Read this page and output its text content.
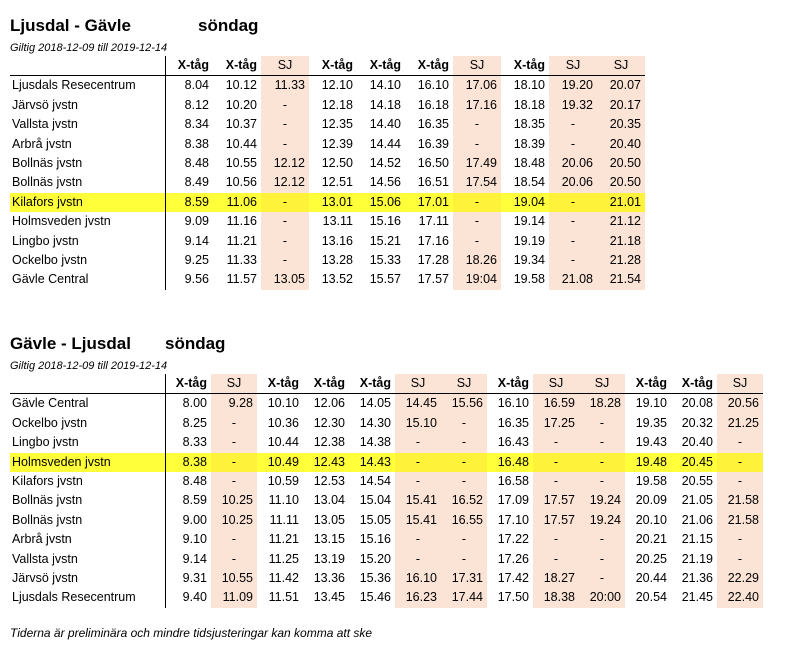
Ljusdal - Gävle	söndag
Giltig 2018-12-09 till 2019-12-14
	X-tåg	X-tåg	SJ	X-tåg	X-tåg	X-tåg	SJ	X-tåg	SJ	SJ
Ljusdals Resecentrum	8.04	10.12	11.33	12.10	14.10	16.10	17.06	18.10	19.20	20.07
Järvsö jvstn	8.12	10.20	-	12.18	14.18	16.18	17.16	18.18	19.32	20.17
Vallsta jvstn	8.34	10.37	-	12.35	14.40	16.35	-	18.35	-	20.35
Arbrå jvstn	8.38	10.44	-	12.39	14.44	16.39	-	18.39	-	20.40
Bollnäs jvstn	8.48	10.55	12.12	12.50	14.52	16.50	17.49	18.48	20.06	20.50
Bollnäs jvstn	8.49	10.56	12.12	12.51	14.56	16.51	17.54	18.54	20.06	20.50
Kilafors jvstn	8.59	11.06	-	13.01	15.06	17.01	-	19.04	-	21.01
Holmsveden jvstn	9.09	11.16	-	13.11	15.16	17.11	-	19.14	-	21.12
Lingbo jvstn	9.14	11.21	-	13.16	15.21	17.16	-	19.19	-	21.18
Ockelbo jvstn	9.25	11.33	-	13.28	15.33	17.28	18.26	19.34	-	21.28
Gävle Central	9.56	11.57	13.05	13.52	15.57	17.57	19:04	19.58	21.08	21.54
Gävle - Ljusdal söndag
Giltig 2018-12-09 till 2019-12-14
	X-tåg	SJ	X-tåg	X-tåg	X-tåg	SJ	SJ	X-tåg	SJ	SJ	X-tåg	X-tåg	SJ
Gävle Central	8.00	9.28	10.10	12.06	14.05	14.45	15.56	16.10	16.59	18.28	19.10	20.08	20.56
Ockelbo jvstn	8.25	-	10.36	12.30	14.30	15.10	-	16.35	17.25	-	19.35	20.32	21.25
Lingbo jvstn	8.33	-	10.44	12.38	14.38	-	-	16.43	-	-	19.43	20.40	-
Holmsveden jvstn	8.38	-	10.49	12.43	14.43	-	-	16.48	-	-	19.48	20.45	-
Kilafors jvstn	8.48	-	10.59	12.53	14.54	-	-	16.58	-	-	19.58	20.55	-
Bollnäs jvstn	8.59	10.25	11.10	13.04	15.04	15.41	16.52	17.09	17.57	19.24	20.09	21.05	21.58
Bollnäs jvstn	9.00	10.25	11.11	13.05	15.05	15.41	16.55	17.10	17.57	19.24	20.10	21.06	21.58
Arbrå jvstn	9.10	-	11.21	13.15	15.16	-	-	17.22	-	-	20.21	21.15	-
Vallsta jvstn	9.14	-	11.25	13.19	15.20	-	-	17.26	-	-	20.25	21.19	-
Järvsö jvstn	9.31	10.55	11.42	13.36	15.36	16.10	17.31	17.42	18.27	-	20.44	21.36	22.29
Ljusdals Resecentrum	9.40	11.09	11.51	13.45	15.46	16.23	17.44	17.50	18.38	20:00	20.54	21.45	22.40
Tiderna är preliminära och mindre tidsjusteringar kan komma att ske
